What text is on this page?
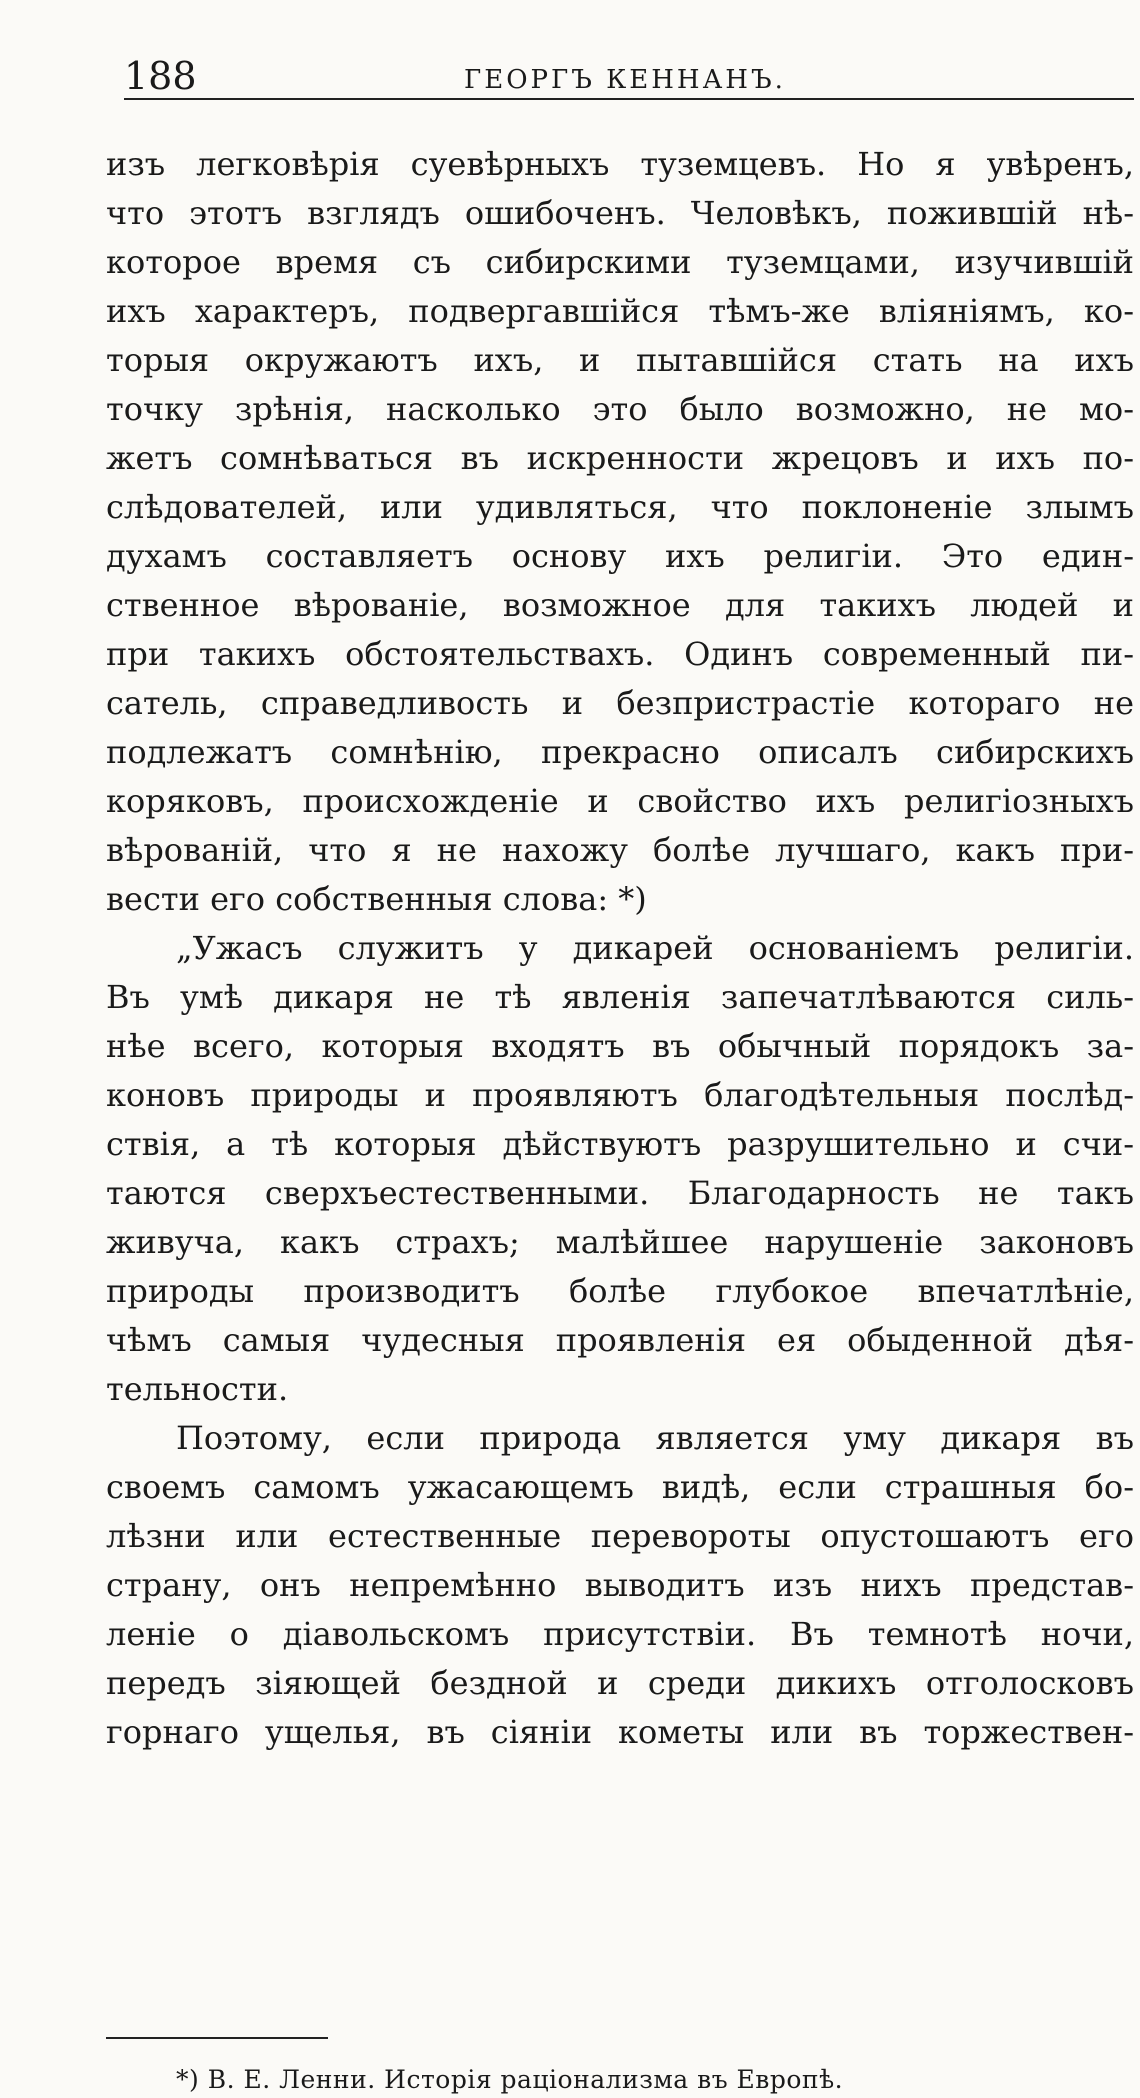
188	ГЕОРГЪ КЕННАНЪ.
изъ легковѣрія суевѣрныхъ туземцевъ. Но я увѣренъ,
что этотъ взглядъ ошибоченъ. Человѣкъ, пожившій нѣ-
которое время съ сибирскими туземцами, изучившій
ихъ характеръ, подвергавшійся тѣмъ-же вліяніямъ, ко-
торыя окружаютъ ихъ, и пытавшійся стать на ихъ
точку зрѣнія, насколько это было возможно, не мо-
жетъ сомнѣваться въ искренности жрецовъ и ихъ по-
слѣдователей, или удивляться, что поклоненіе злымъ
духамъ составляетъ основу ихъ религіи. Это един-
ственное вѣрованіе, возможное для такихъ людей и
при такихъ обстоятельствахъ. Одинъ современный пи-
сатель, справедливость и безпристрастіе котораго не
подлежатъ сомнѣнію, прекрасно описалъ сибирскихъ
коряковъ, происхожденіе и свойство ихъ религіозныхъ
вѣрованій, что я не нахожу болѣе лучшаго, какъ при-
вести его собственныя слова: *)
„Ужасъ служитъ у дикарей основаніемъ религіи.
Въ умѣ дикаря не тѣ явленія запечатлѣваются силь-
нѣе всего, которыя входятъ въ обычный порядокъ за-
коновъ природы и проявляютъ благодѣтельныя послѣд-
ствія, а тѣ которыя дѣйствуютъ разрушительно и счи-
таются сверхъестественными. Благодарность не такъ
живуча, какъ страхъ; малѣйшее нарушеніе законовъ
природы производитъ болѣе глубокое впечатлѣніе,
чѣмъ самыя чудесныя проявленія ея обыденной дѣя-
тельности.
Поэтому, если природа является уму дикаря въ
своемъ самомъ ужасающемъ видѣ, если страшныя бо-
лѣзни или естественные перевороты опустошаютъ его
страну, онъ непремѣнно выводитъ изъ нихъ представ-
леніе о діавольскомъ присутствіи. Въ темнотѣ ночи,
передъ зіяющей бездной и среди дикихъ отголосковъ
горнаго ущелья, въ сіяніи кометы или въ торжествен-
*) В. Е. Ленни. Исторія раціонализма въ Европѣ.
